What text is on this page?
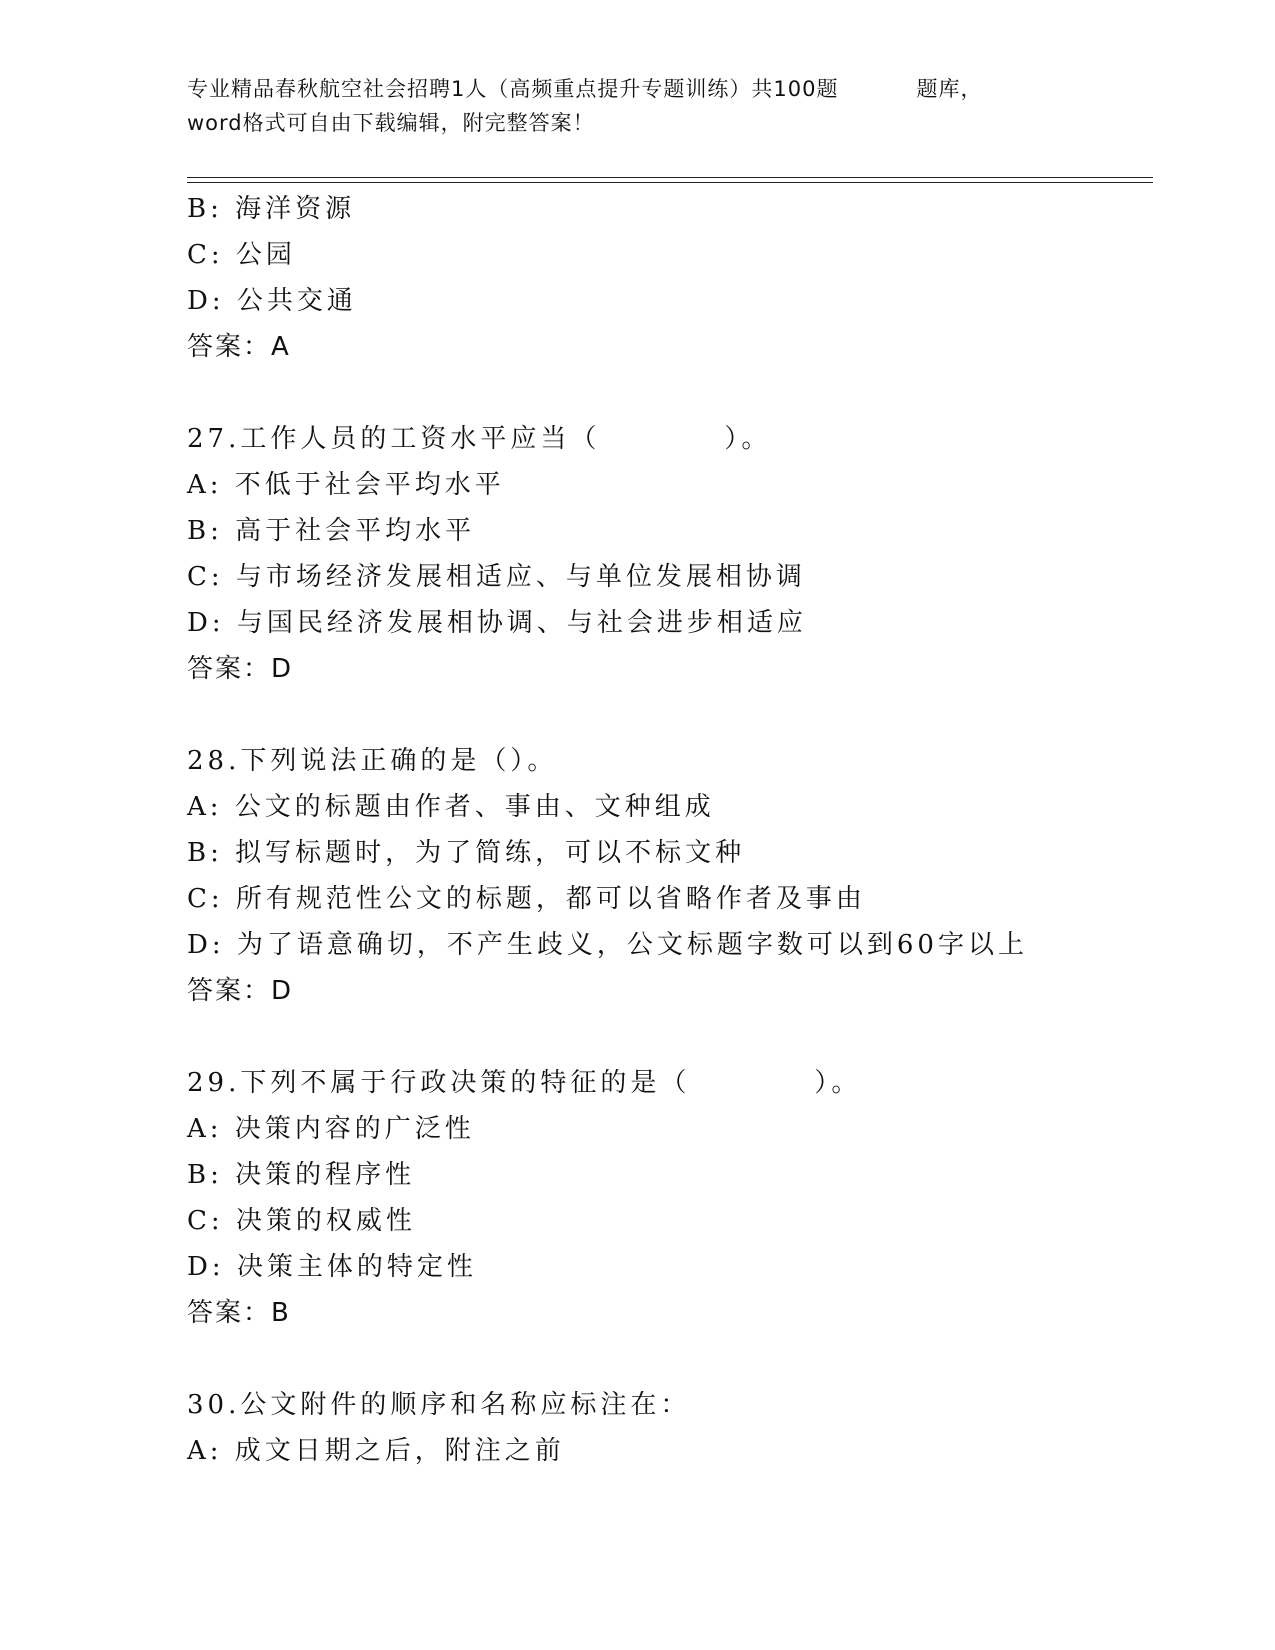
专业精品春秋航空社会招聘1人（高频重点提升专题训练）共100题	题库，
word格式可自由下载编辑，附完整答案！
B: 海洋资源
C: 公园
D: 公共交通
答案：A
27.工作人员的工资水平应当（	）。
A: 不低于社会平均水平
B: 高于社会平均水平
C: 与市场经济发展相适应、与单位发展相协调
D: 与国民经济发展相协调、与社会进步相适应
答案：D
28.下列说法正确的是（）。
A: 公文的标题由作者、事由、文种组成
B: 拟写标题时，为了简练，可以不标文种
C: 所有规范性公文的标题，都可以省略作者及事由
D: 为了语意确切，不产生歧义，公文标题字数可以到60字以上
答案：D
29.下列不属于行政决策的特征的是（	）。
A: 决策内容的广泛性
B: 决策的程序性
C: 决策的权威性
D: 决策主体的特定性
答案：B
30.公文附件的顺序和名称应标注在：
A: 成文日期之后，附注之前
